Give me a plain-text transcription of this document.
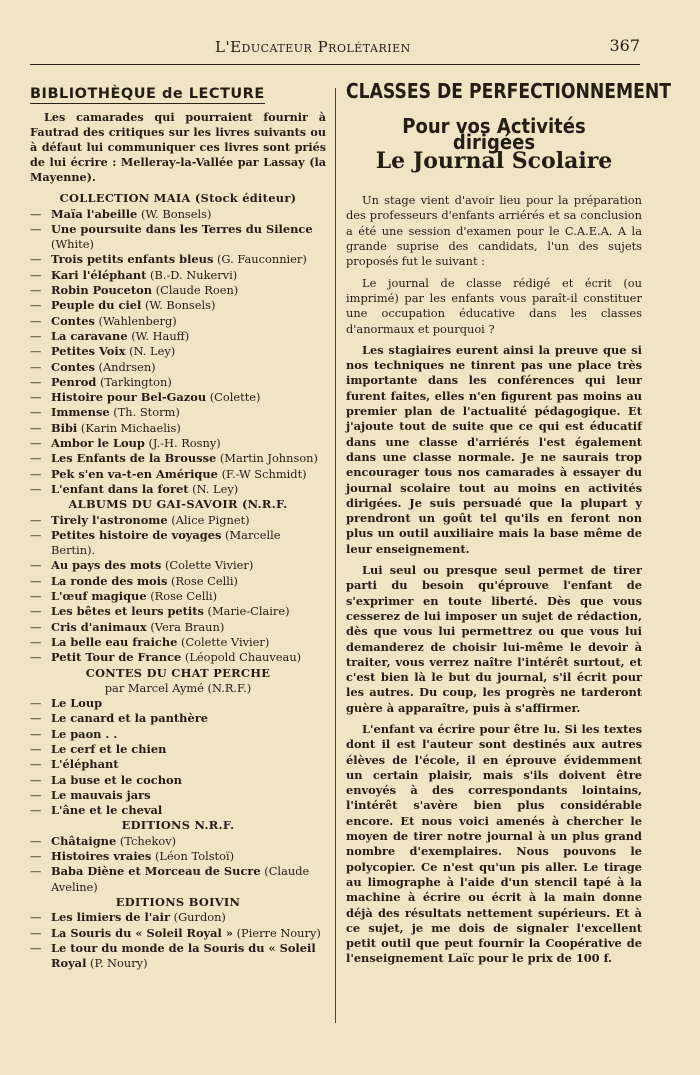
L'Educateur Prolétarien	367
BIBLIOTHÈQUE de LECTURE

Les camarades qui pourraient fournir à Fautrad des critiques sur les livres suivants ou à défaut lui communiquer ces livres sont priés de lui écrire : Melleray-la-Vallée par Lassay (la Mayenne).

COLLECTION MAIA (Stock éditeur)
— Maïa l'abeille (W. Bonsels)
— Une poursuite dans les Terres du Silence (White)
— Trois petits enfants bleus (G. Fauconnier)
— Kari l'éléphant (B.-D. Nukervi)
— Robin Pouceton (Claude Roen)
— Peuple du ciel (W. Bonsels)
— Contes (Wahlenberg)
— La caravane (W. Hauff)
— Petites Voix (N. Ley)
— Contes (Andrsen)
— Penrod (Tarkington)
— Histoire pour Bel-Gazou (Colette)
— Immense (Th. Storm)
— Bibi (Karin Michaelis)
— Ambor le Loup (J.-H. Rosny)
— Les Enfants de la Brousse (Martin Johnson)
— Pek s'en va-t-en Amérique (F.-W Schmidt)
— L'enfant dans la foret (N. Ley)
ALBUMS DU GAI-SAVOIR (N.R.F.
— Tirely l'astronome (Alice Pignet)
— Petites histoire de voyages (Marcelle Bertin).
— Au pays des mots (Colette Vivier)
— La ronde des mois (Rose Celli)
— L'œuf magique (Rose Celli)
— Les bêtes et leurs petits (Marie-Claire)
— Cris d'animaux (Vera Braun)
— La belle eau fraiche (Colette Vivier)
— Petit Tour de France (Léopold Chauveau)
CONTES DU CHAT PERCHE
par Marcel Aymé (N.R.F.)
— Le Loup
— Le canard et la panthère
— Le paon . .
— Le cerf et le chien
— L'éléphant
— La buse et le cochon
— Le mauvais jars
— L'âne et le cheval
EDITIONS N.R.F.
— Châtaigne (Tchekov)
— Histoires vraies (Léon Tolstoï)
— Baba Diène et Morceau de Sucre (Claude Aveline)
EDITIONS BOIVIN
— Les limiers de l'air (Gurdon)
— La Souris du « Soleil Royal » (Pierre Noury)
— Le tour du monde de la Souris du « Soleil Royal (P. Noury)
CLASSES DE PERFECTIONNEMENT
Pour vos Activités dirigées
Le Journal Scolaire

Un stage vient d'avoir lieu pour la préparation des professeurs d'enfants arriérés et sa conclusion a été une session d'examen pour le C.A.E.A. A la grande suprise des candidats, l'un des sujets proposés fut le suivant :

Le journal de classe rédigé et écrit (ou imprimé) par les enfants vous paraît-il constituer une occupation éducative dans les classes d'anormaux et pourquoi ?

Les stagiaires eurent ainsi la preuve que si nos techniques ne tinrent pas une place très importante dans les conférences qui leur furent faites, elles n'en figurent pas moins au premier plan de l'actualité pédagogique. Et j'ajoute tout de suite que ce qui est éducatif dans une classe d'arriérés l'est également dans une classe normale. Je ne saurais trop encourager tous nos camarades à essayer du journal scolaire tout au moins en activités dirigées. Je suis persuadé que la plupart y prendront un goût tel qu'ils en feront non plus un outil auxiliaire mais la base même de leur enseignement.

Lui seul ou presque seul permet de tirer parti du besoin qu'éprouve l'enfant de s'exprimer en toute liberté. Dès que vous cesserez de lui imposer un sujet de rédaction, dès que vous lui permettrez ou que vous lui demanderez de choisir lui-même le devoir à traiter, vous verrez naître l'intérêt surtout, et c'est bien là le but du journal, s'il écrit pour les autres. Du coup, les progrès ne tarderont guère à apparaître, puis à s'affirmer.

L'enfant va écrire pour être lu. Si les textes dont il est l'auteur sont destinés aux autres élèves de l'école, il en éprouve évidemment un certain plaisir, mais s'ils doivent être envoyés à des correspondants lointains, l'intérêt s'avère bien plus considérable encore. Et nous voici amenés à chercher le moyen de tirer notre journal à un plus grand nombre d'exemplaires. Nous pouvons le polycopier. Ce n'est qu'un pis aller. Le tirage au limographe à l'aide d'un stencil tapé à la machine à écrire ou écrit à la main donne déjà des résultats nettement supérieurs. Et à ce sujet, je me dois de signaler l'excellent petit outil que peut fournir la Coopérative de l'enseignement Laïc pour le prix de 100 f.
